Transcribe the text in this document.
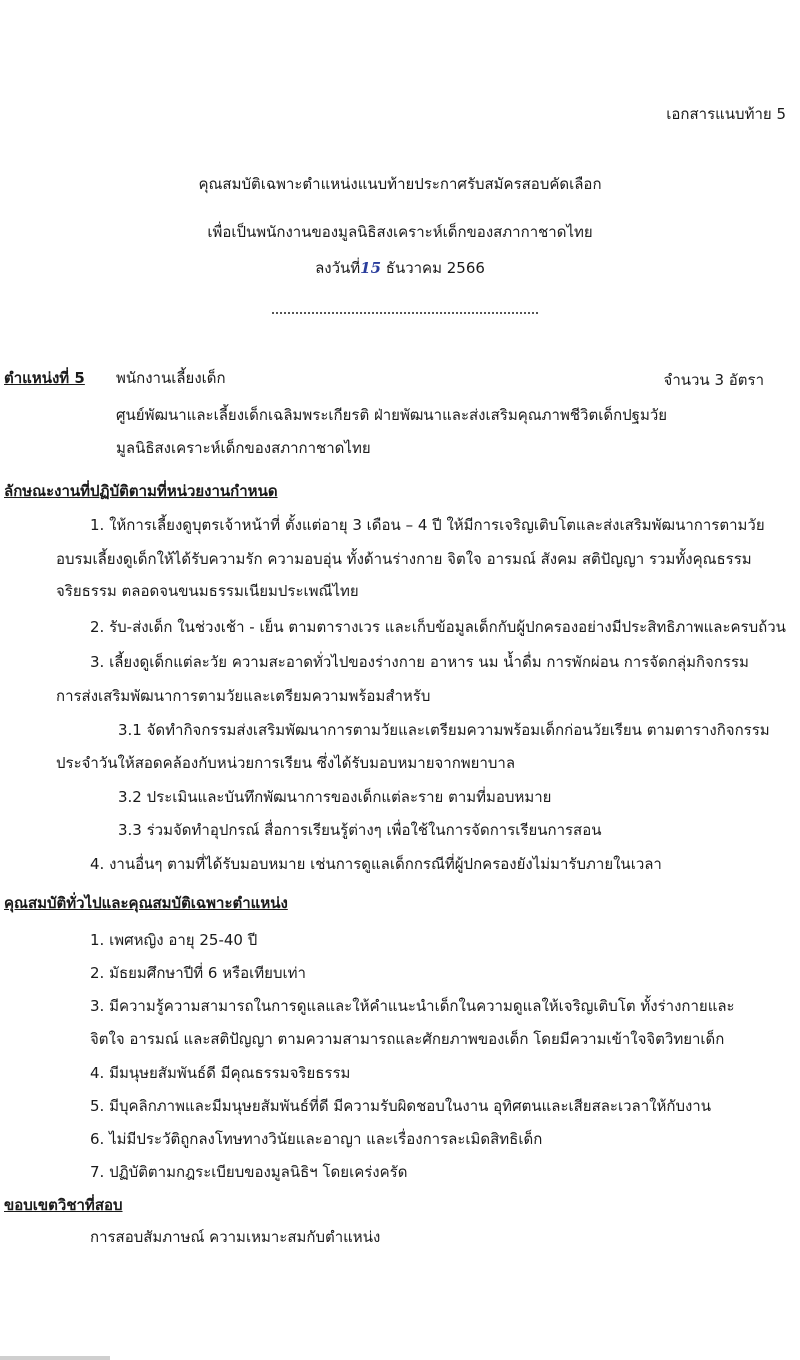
เอกสารแนบท้าย 5
คุณสมบัติเฉพาะตำแหน่งแนบท้ายประกาศรับสมัครสอบคัดเลือก
เพื่อเป็นพนักงานของมูลนิธิสงเคราะห์เด็กของสภากาชาดไทย
ลงวันที่15 ธันวาคม 2566
ตำแหน่งที่ 5 พนักงานเลี้ยงเด็ก	จำนวน 3 อัตรา
ศูนย์พัฒนาและเลี้ยงเด็กเฉลิมพระเกียรติ ฝ่ายพัฒนาและส่งเสริมคุณภาพชีวิตเด็กปฐมวัย
มูลนิธิสงเคราะห์เด็กของสภากาชาดไทย
ลักษณะงานที่ปฏิบัติตามที่หน่วยงานกำหนด
1. ให้การเลี้ยงดูบุตรเจ้าหน้าที่ ตั้งแต่อายุ 3 เดือน – 4 ปี ให้มีการเจริญเติบโตและส่งเสริมพัฒนาการตามวัย
อบรมเลี้ยงดูเด็กให้ได้รับความรัก ความอบอุ่น ทั้งด้านร่างกาย จิตใจ อารมณ์ สังคม สติปัญญา รวมทั้งคุณธรรม
จริยธรรม ตลอดจนขนมธรรมเนียมประเพณีไทย
2. รับ-ส่งเด็ก ในช่วงเช้า - เย็น ตามตารางเวร และเก็บข้อมูลเด็กกับผู้ปกครองอย่างมีประสิทธิภาพและครบถ้วน
3. เลี้ยงดูเด็กแต่ละวัย ความสะอาดทั่วไปของร่างกาย อาหาร นม น้ำดื่ม การพักผ่อน การจัดกลุ่มกิจกรรม
การส่งเสริมพัฒนาการตามวัยและเตรียมความพร้อมสำหรับ
3.1 จัดทำกิจกรรมส่งเสริมพัฒนาการตามวัยและเตรียมความพร้อมเด็กก่อนวัยเรียน ตามตารางกิจกรรม
ประจำวันให้สอดคล้องกับหน่วยการเรียน ซึ่งได้รับมอบหมายจากพยาบาล
3.2 ประเมินและบันทึกพัฒนาการของเด็กแต่ละราย ตามที่มอบหมาย
3.3 ร่วมจัดทำอุปกรณ์ สื่อการเรียนรู้ต่างๆ เพื่อใช้ในการจัดการเรียนการสอน
4. งานอื่นๆ ตามที่ได้รับมอบหมาย เช่นการดูแลเด็กกรณีที่ผู้ปกครองยังไม่มารับภายในเวลา
คุณสมบัติทั่วไปและคุณสมบัติเฉพาะตำแหน่ง
1. เพศหญิง อายุ 25-40 ปี
2. มัธยมศึกษาปีที่ 6 หรือเทียบเท่า
3. มีความรู้ความสามารถในการดูแลและให้คำแนะนำเด็กในความดูแลให้เจริญเติบโต ทั้งร่างกายและ
จิตใจ อารมณ์ และสติปัญญา ตามความสามารถและศักยภาพของเด็ก โดยมีความเข้าใจจิตวิทยาเด็ก
4. มีมนุษยสัมพันธ์ดี มีคุณธรรมจริยธรรม
5. มีบุคลิกภาพและมีมนุษยสัมพันธ์ที่ดี มีความรับผิดชอบในงาน อุทิศตนและเสียสละเวลาให้กับงาน
6. ไม่มีประวัติถูกลงโทษทางวินัยและอาญา และเรื่องการละเมิดสิทธิเด็ก
7. ปฏิบัติตามกฎระเบียบของมูลนิธิฯ โดยเคร่งครัด
ขอบเขตวิชาที่สอบ
การสอบสัมภาษณ์ ความเหมาะสมกับตำแหน่ง
